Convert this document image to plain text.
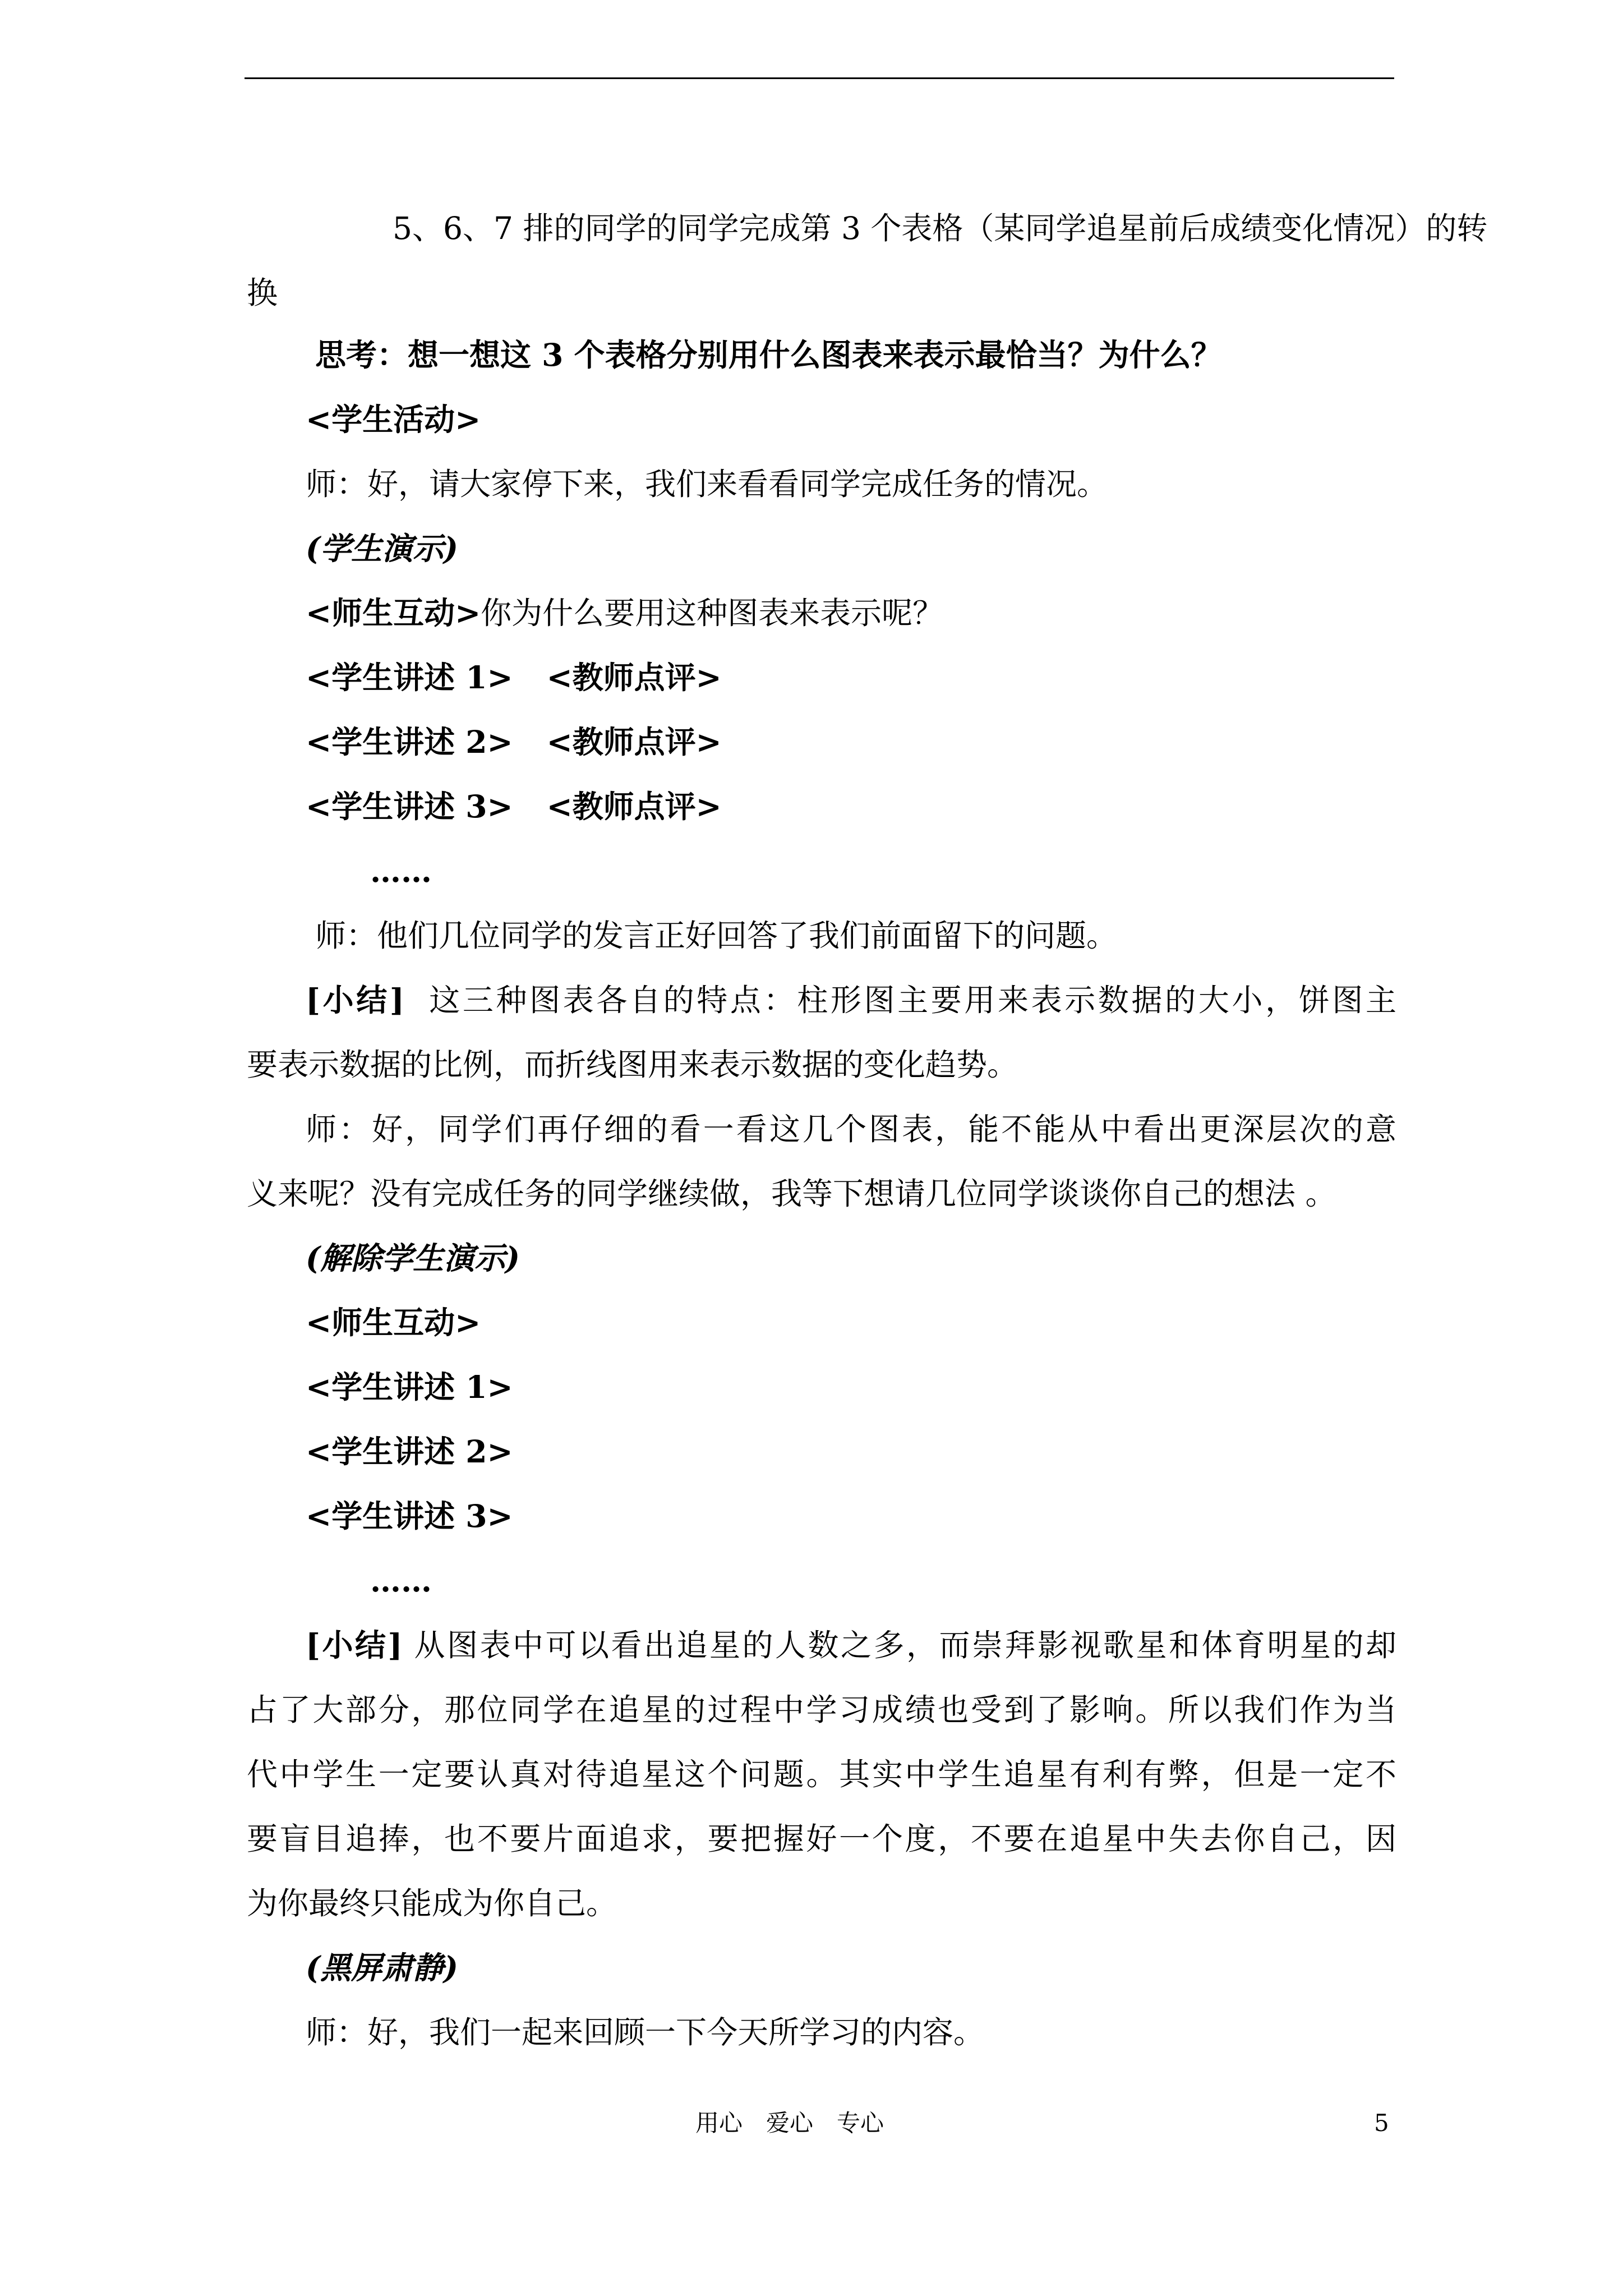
5、6、7 排的同学的同学完成第 3 个表格（某同学追星前后成绩变化情况）的转
换
思考：想一想这 3 个表格分别用什么图表来表示最恰当？为什么？
<学生活动>
师：好，请大家停下来，我们来看看同学完成任务的情况。
(学生演示)
<师生互动>你为什么要用这种图表来表示呢？
<学生讲述 1> <教师点评>
<学生讲述 2> <教师点评>
<学生讲述 3> <教师点评>
……
师：他们几位同学的发言正好回答了我们前面留下的问题。
[小结] 这三种图表各自的特点：柱形图主要用来表示数据的大小，饼图主
要表示数据的比例，而折线图用来表示数据的变化趋势。
师：好，同学们再仔细的看一看这几个图表，能不能从中看出更深层次的意
义来呢？没有完成任务的同学继续做，我等下想请几位同学谈谈你自己的想法 。
(解除学生演示)
<师生互动>
<学生讲述 1>
<学生讲述 2>
<学生讲述 3>
……
[小结] 从图表中可以看出追星的人数之多，而崇拜影视歌星和体育明星的却
占了大部分，那位同学在追星的过程中学习成绩也受到了影响。所以我们作为当
代中学生一定要认真对待追星这个问题。其实中学生追星有利有弊，但是一定不
要盲目追捧，也不要片面追求，要把握好一个度，不要在追星中失去你自己，因
为你最终只能成为你自己。
(黑屏肃静)
师：好，我们一起来回顾一下今天所学习的内容。
用心　爱心　专心	5
